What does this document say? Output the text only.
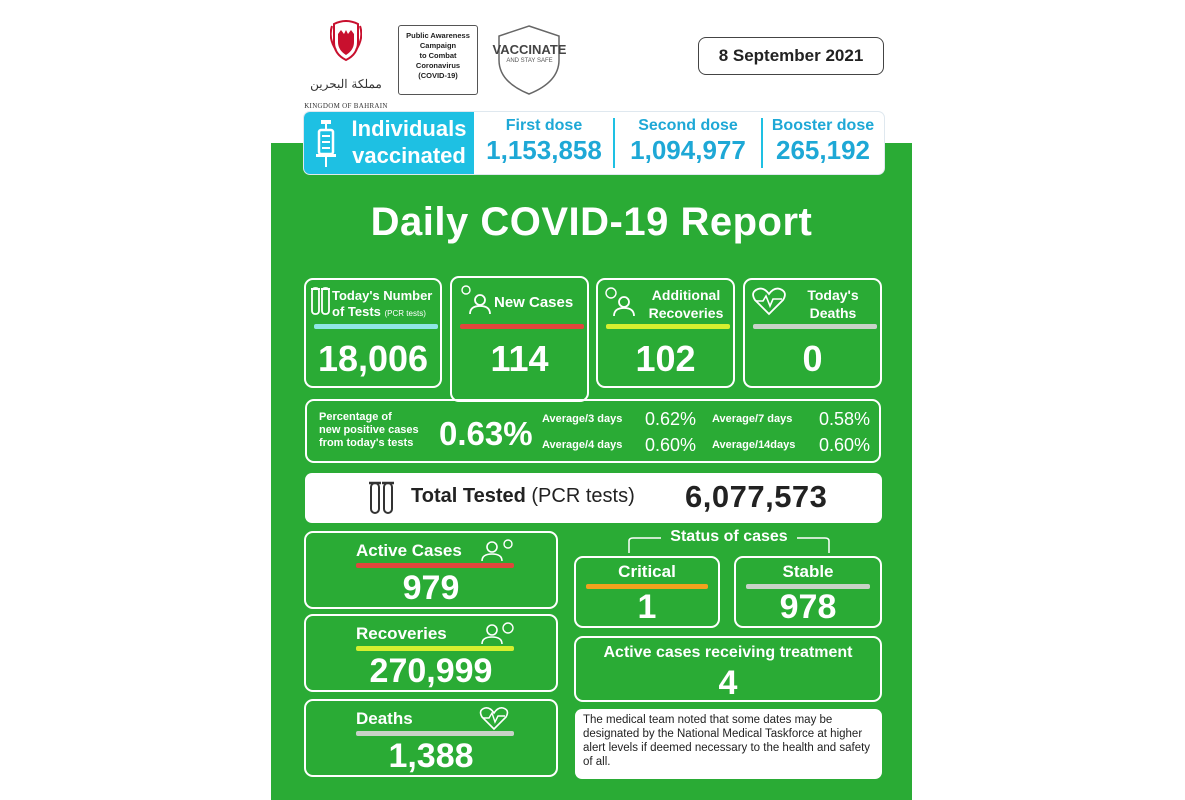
مملكة البحرين
KINGDOM OF BAHRAIN
Public Awareness
Campaign
to Combat
Coronavirus
(COVID-19)
VACCINATE
AND STAY SAFE	8 September 2021
Individuals
vaccinated
First dose
1,153,858
Second dose
1,094,977
Booster dose
265,192
Daily COVID-19 Report
Today's Number
of Tests (PCR tests)
18,006
New Cases
114
Additional
Recoveries
102
Today's
Deaths
0
Percentage of
new positive cases
from today's tests 0.63% Average/3 days 0.62%
Average/4 days 0.60%
Average/7 days 0.58%
Average/14days 0.60%
Total Tested (PCR tests) 6,077,573
Active Cases
979
Recoveries
270,999
Deaths
1,388
Status of cases
Critical
1
Stable
978
Active cases receiving treatment
4
The medical team noted that some dates may be designated by the National Medical Taskforce at higher alert levels if deemed necessary to the health and safety of all.
